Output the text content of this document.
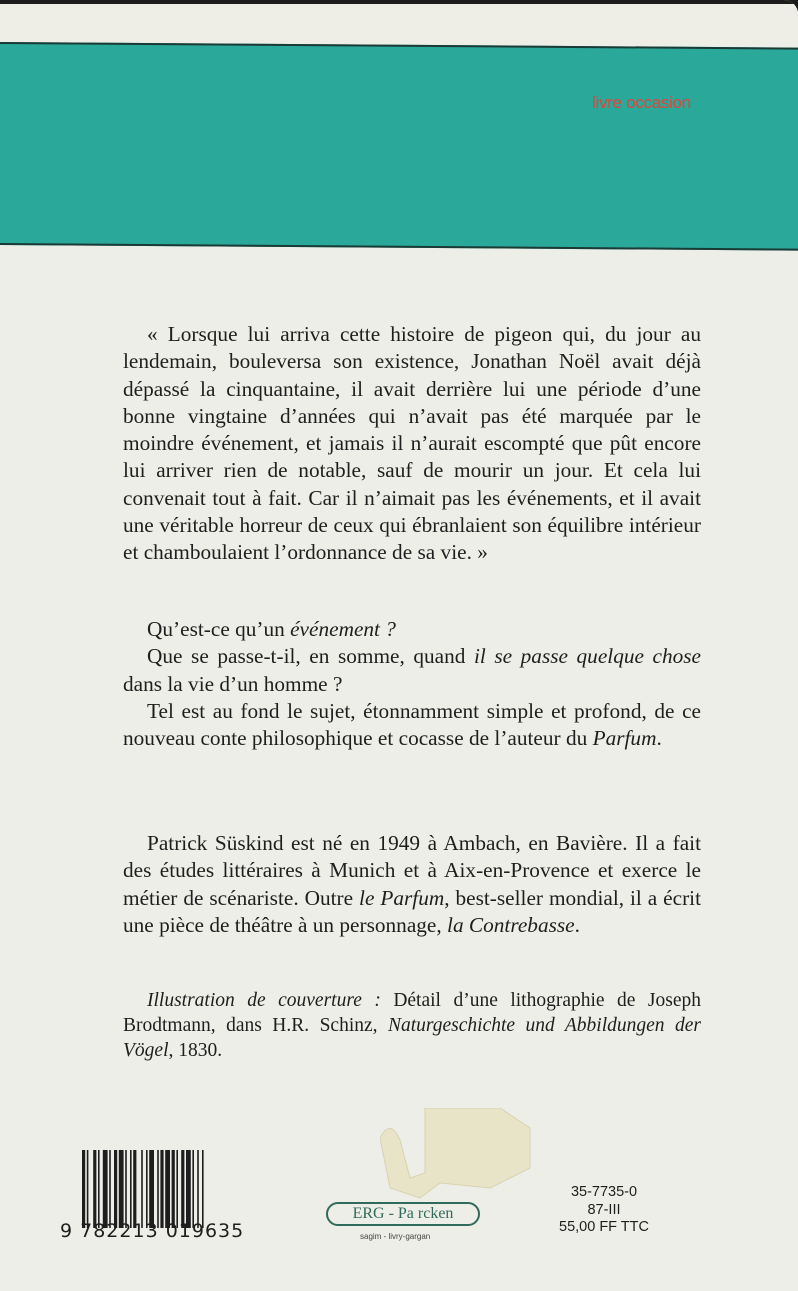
livre occasion

« Lorsque lui arriva cette histoire de pigeon qui, du jour au lendemain, bouleversa son existence, Jonathan Noël avait déjà dépassé la cinquantaine, il avait derrière lui une période d’une bonne vingtaine d’années qui n’avait pas été marquée par le moindre événement, et jamais il n’aurait escompté que pût encore lui arriver rien de notable, sauf de mourir un jour. Et cela lui convenait tout à fait. Car il n’aimait pas les événements, et il avait une véritable horreur de ceux qui ébranlaient son équilibre intérieur et chamboulaient l’ordonnance de sa vie. »

Qu’est-ce qu’un événement ?

Que se passe-t-il, en somme, quand il se passe quelque chose dans la vie d’un homme ?

Tel est au fond le sujet, étonnamment simple et profond, de ce nouveau conte philosophique et cocasse de l’auteur du Parfum.

Patrick Süskind est né en 1949 à Ambach, en Bavière. Il a fait des études littéraires à Munich et à Aix-en-Provence et exerce le métier de scénariste. Outre le Parfum, best-seller mondial, il a écrit une pièce de théâtre à un personnage, la Contrebasse.

Illustration de couverture : Détail d’une lithographie de Joseph Brodtmann, dans H.R. Schinz, Naturgeschichte und Abbildungen der Vögel, 1830.

9 782213 019635
ERG - Pa rcken
sagim - livry-gargan
35-7735-0
87-III
55,00 FF TTC
